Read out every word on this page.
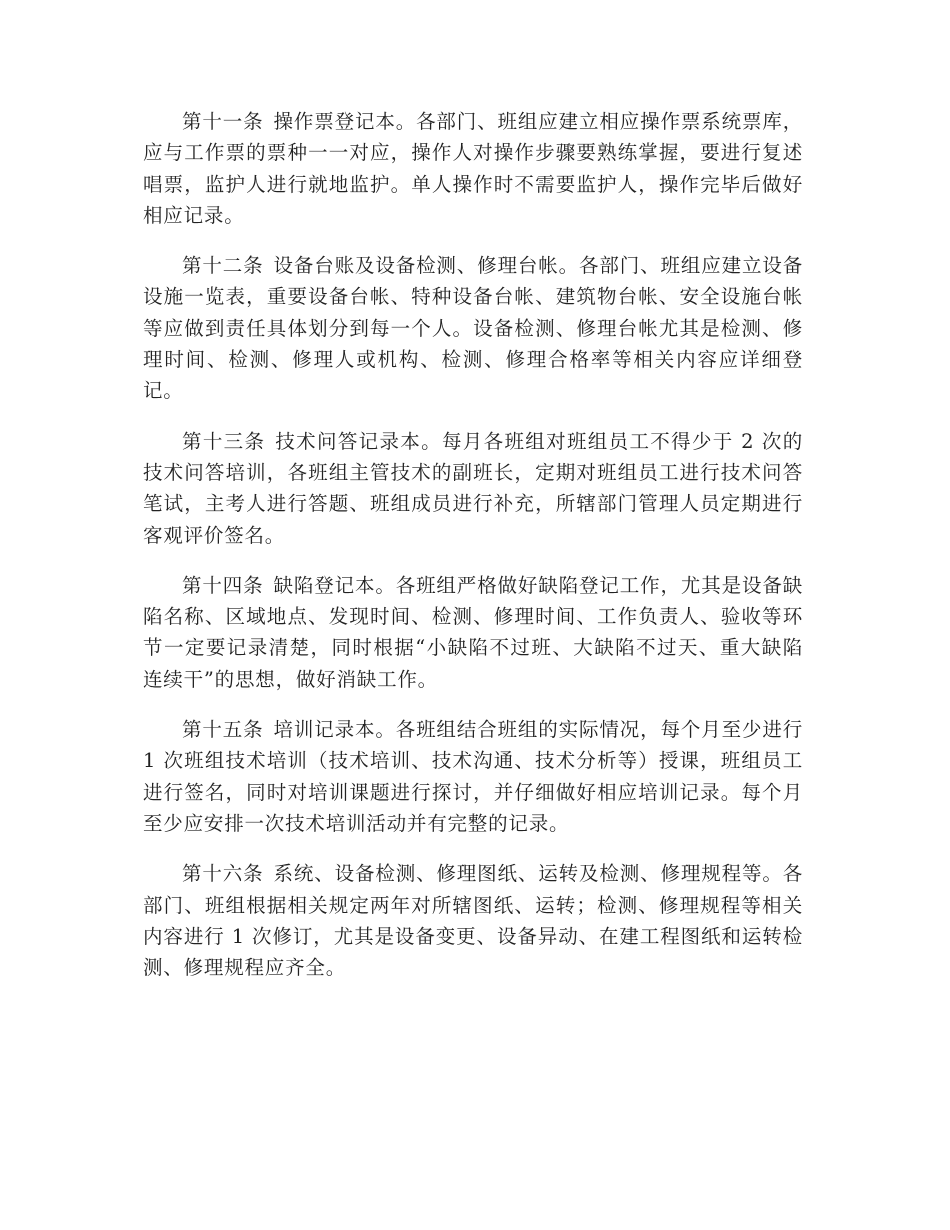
第十一条 操作票登记本。各部门、班组应建立相应操作票系统票库，应与工作票的票种一一对应，操作人对操作步骤要熟练掌握，要进行复述唱票，监护人进行就地监护。单人操作时不需要监护人，操作完毕后做好相应记录。

第十二条 设备台账及设备检测、修理台帐。各部门、班组应建立设备设施一览表，重要设备台帐、特种设备台帐、建筑物台帐、安全设施台帐等应做到责任具体划分到每一个人。设备检测、修理台帐尤其是检测、修理时间、检测、修理人或机构、检测、修理合格率等相关内容应详细登记。

第十三条 技术问答记录本。每月各班组对班组员工不得少于 2 次的技术问答培训，各班组主管技术的副班长，定期对班组员工进行技术问答笔试，主考人进行答题、班组成员进行补充，所辖部门管理人员定期进行客观评价签名。

第十四条 缺陷登记本。各班组严格做好缺陷登记工作，尤其是设备缺陷名称、区域地点、发现时间、检测、修理时间、工作负责人、验收等环节一定要记录清楚，同时根据“小缺陷不过班、大缺陷不过天、重大缺陷连续干”的思想，做好消缺工作。

第十五条 培训记录本。各班组结合班组的实际情况，每个月至少进行 1 次班组技术培训（技术培训、技术沟通、技术分析等）授课，班组员工进行签名，同时对培训课题进行探讨，并仔细做好相应培训记录。每个月至少应安排一次技术培训活动并有完整的记录。

第十六条 系统、设备检测、修理图纸、运转及检测、修理规程等。各部门、班组根据相关规定两年对所辖图纸、运转；检测、修理规程等相关内容进行 1 次修订，尤其是设备变更、设备异动、在建工程图纸和运转检测、修理规程应齐全。
